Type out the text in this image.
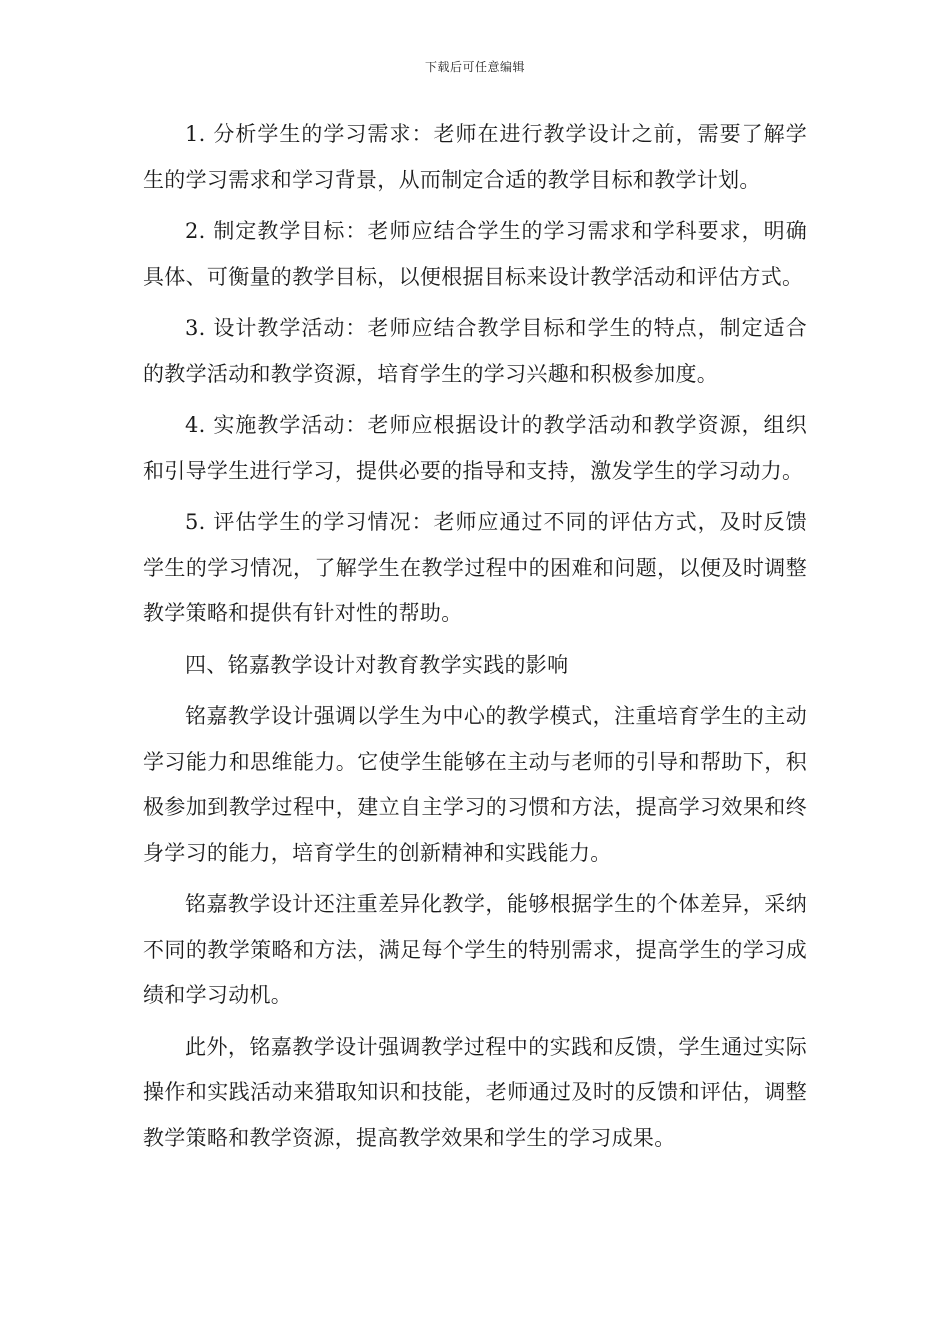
下载后可任意编辑

1. 分析学生的学习需求：老师在进行教学设计之前，需要了解学生的学习需求和学习背景，从而制定合适的教学目标和教学计划。

2. 制定教学目标：老师应结合学生的学习需求和学科要求，明确具体、可衡量的教学目标，以便根据目标来设计教学活动和评估方式。

3. 设计教学活动：老师应结合教学目标和学生的特点，制定适合的教学活动和教学资源，培育学生的学习兴趣和积极参加度。

4. 实施教学活动：老师应根据设计的教学活动和教学资源，组织和引导学生进行学习，提供必要的指导和支持，激发学生的学习动力。

5. 评估学生的学习情况：老师应通过不同的评估方式，及时反馈学生的学习情况，了解学生在教学过程中的困难和问题，以便及时调整教学策略和提供有针对性的帮助。

四、铭嘉教学设计对教育教学实践的影响

铭嘉教学设计强调以学生为中心的教学模式，注重培育学生的主动学习能力和思维能力。它使学生能够在主动与老师的引导和帮助下，积极参加到教学过程中，建立自主学习的习惯和方法，提高学习效果和终身学习的能力，培育学生的创新精神和实践能力。

铭嘉教学设计还注重差异化教学，能够根据学生的个体差异，采纳不同的教学策略和方法，满足每个学生的特别需求，提高学生的学习成绩和学习动机。

此外，铭嘉教学设计强调教学过程中的实践和反馈，学生通过实际操作和实践活动来猎取知识和技能，老师通过及时的反馈和评估，调整教学策略和教学资源，提高教学效果和学生的学习成果。
